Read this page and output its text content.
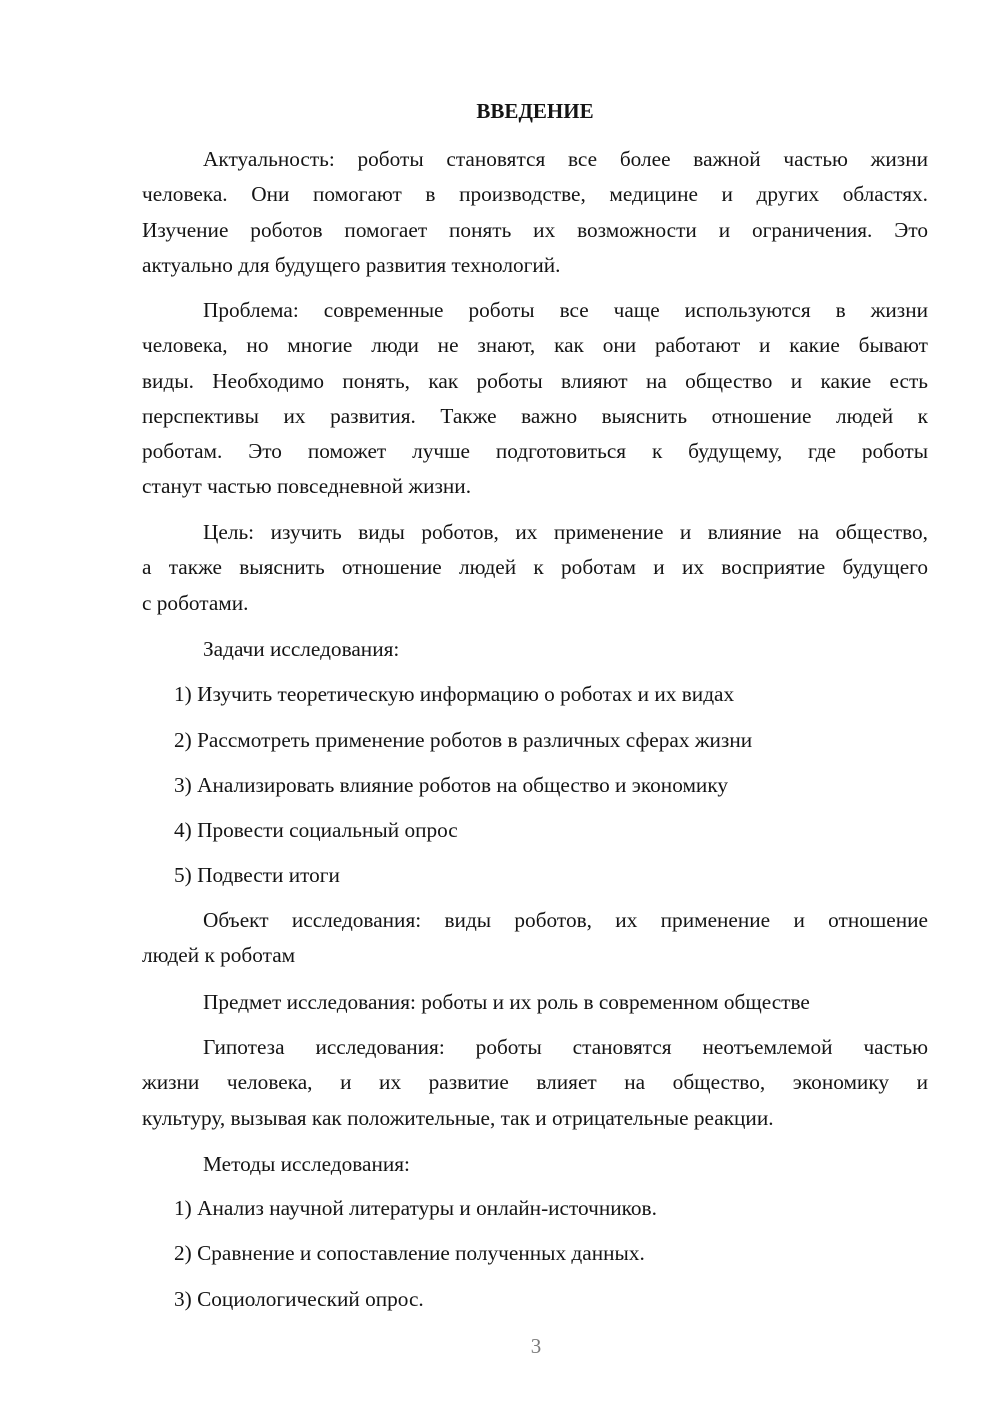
ВВЕДЕНИЕ
Актуальность: роботы становятся все более важной частью жизни
человека. Они помогают в производстве, медицине и других областях.
Изучение роботов помогает понять их возможности и ограничения. Это
актуально для будущего развития технологий.
Проблема: современные роботы все чаще используются в жизни
человека, но многие люди не знают, как они работают и какие бывают
виды. Необходимо понять, как роботы влияют на общество и какие есть
перспективы их развития. Также важно выяснить отношение людей к
роботам. Это поможет лучше подготовиться к будущему, где роботы
станут частью повседневной жизни.
Цель: изучить виды роботов, их применение и влияние на общество,
а также выяснить отношение людей к роботам и их восприятие будущего
с роботами.
Задачи исследования:
1) Изучить теоретическую информацию о роботах и их видах
2) Рассмотреть применение роботов в различных сферах жизни
3) Анализировать влияние роботов на общество и экономику
4) Провести социальный опрос
5) Подвести итоги
Объект исследования: виды роботов, их применение и отношение
людей к роботам
Предмет исследования: роботы и их роль в современном обществе
Гипотеза исследования: роботы становятся неотъемлемой частью
жизни человека, и их развитие влияет на общество, экономику и
культуру, вызывая как положительные, так и отрицательные реакции.
Методы исследования:
1) Анализ научной литературы и онлайн-источников.
2) Сравнение и сопоставление полученных данных.
3) Социологический опрос.
3
